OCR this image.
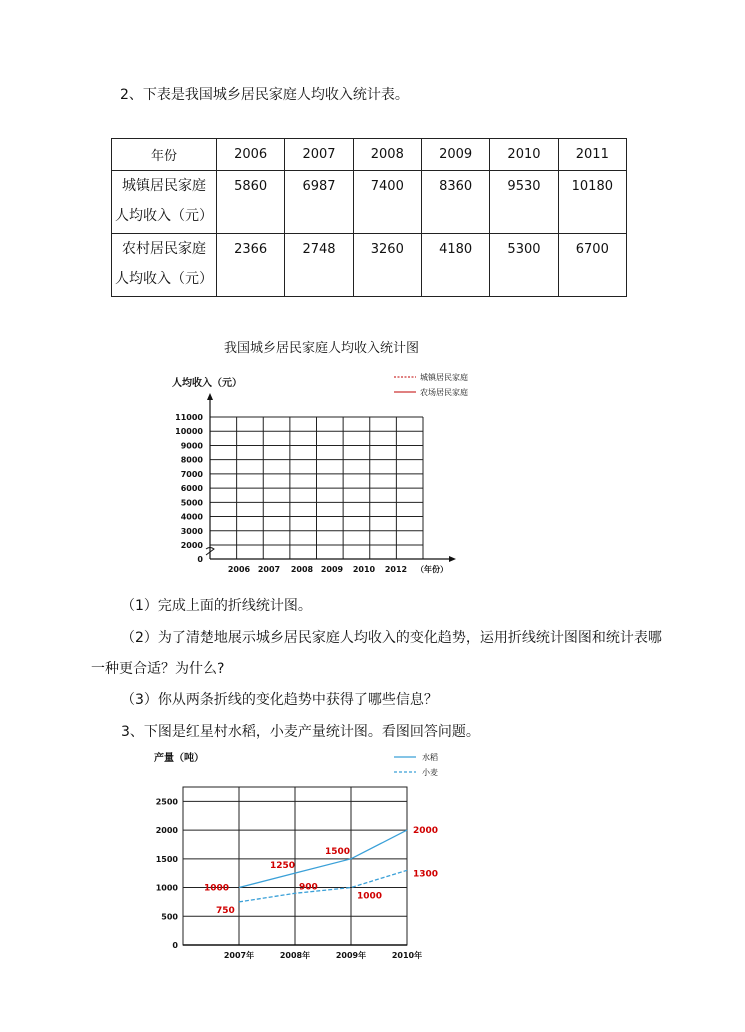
2、下表是我国城乡居民家庭人均收入统计表。
年份	2006	2007	2008	2009	2010	2011

城镇居民家庭
人均收入（元）	5860	6987	7400	8360	9530	10180

农村居民家庭
人均收入（元）	2366	2748	3260	4180	5300	6700
我国城乡居民家庭人均收入统计图
人均收入（元）
城镇居民家庭
农场居民家庭
0
2000
3000
4000
5000
6000
7000
8000
9000
10000
11000
2006 2007 2008 2009 2010 2012 （年份）
（1）完成上面的折线统计图。
（2）为了清楚地展示城乡居民家庭人均收入的变化趋势，运用折线统计图图和统计表哪
一种更合适？为什么?
（3）你从两条折线的变化趋势中获得了哪些信息？
3、下图是红星村水稻，小麦产量统计图。看图回答问题。
产量（吨）	水稻
小麦
0
500
1000
1500
2000
2500
2007年	2008年	2009年	2010年
1000
1250
1500
2000
750
900
1000
1300
